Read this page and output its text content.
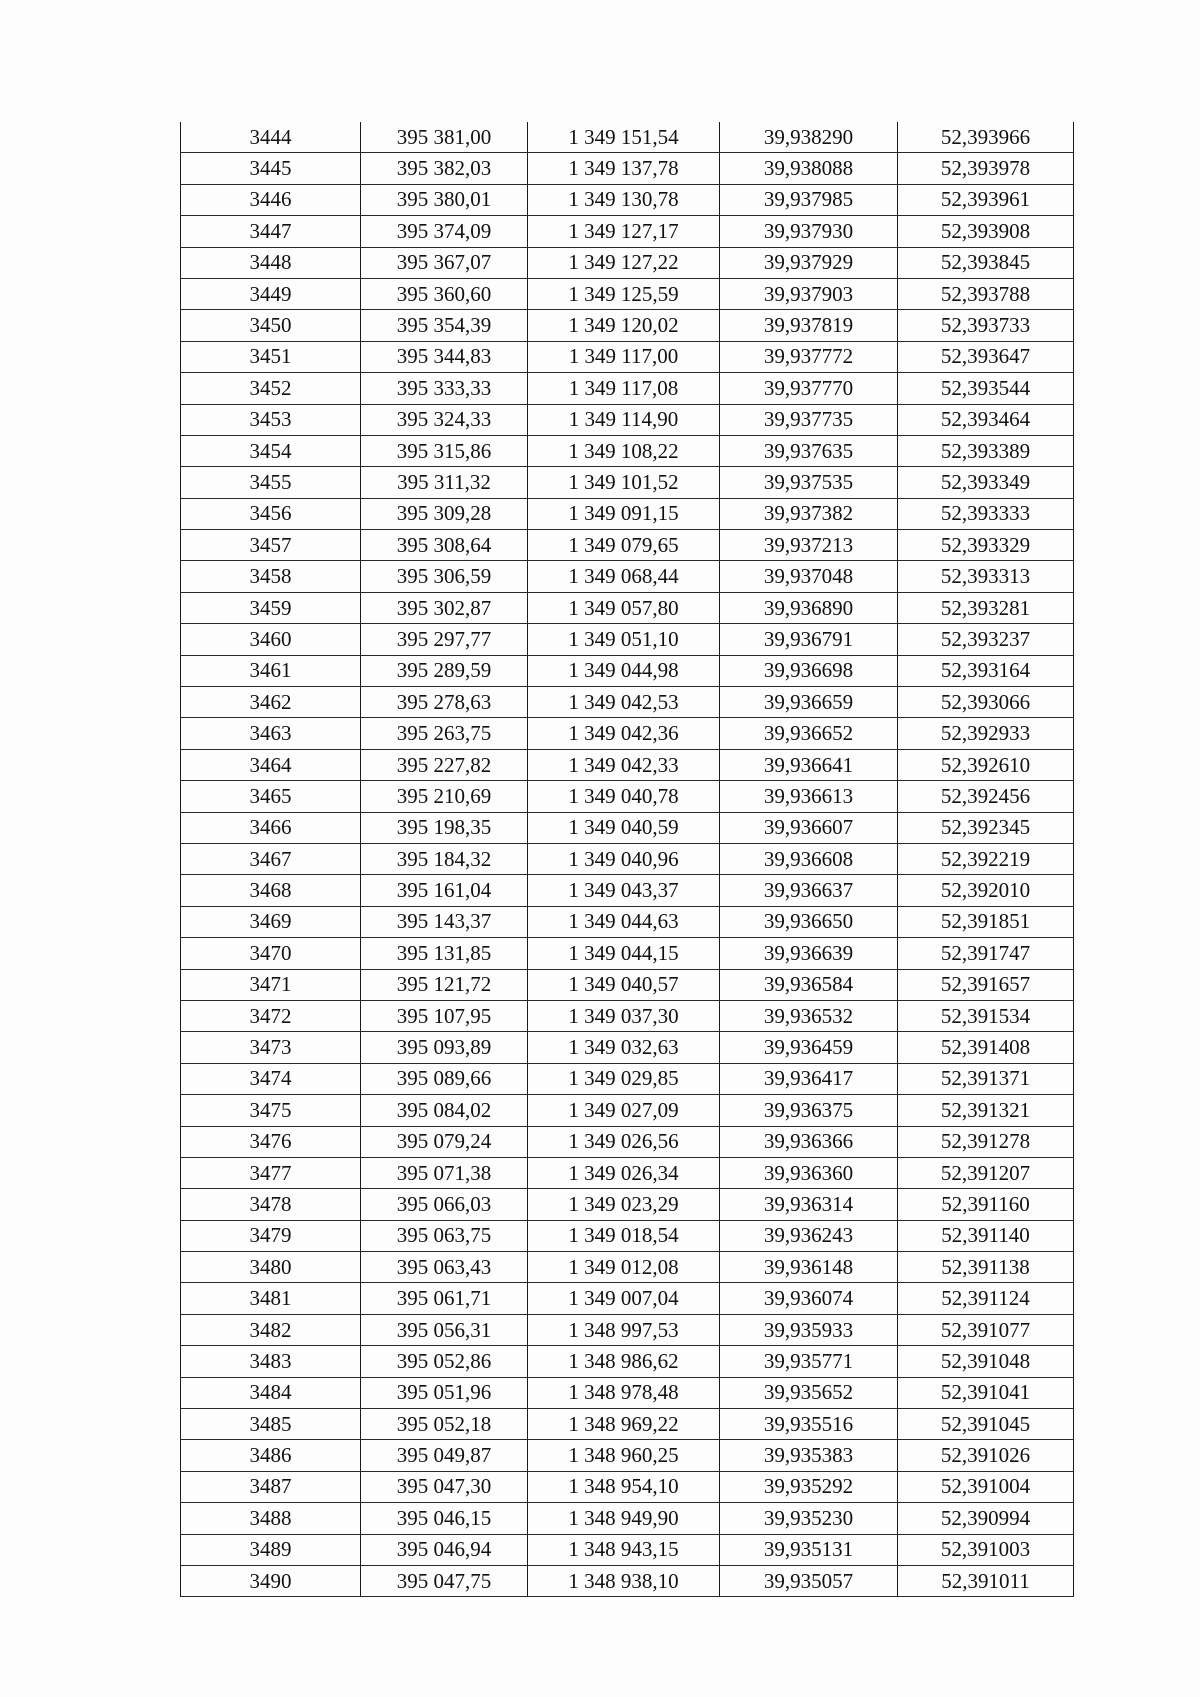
3444	395 381,00	1 349 151,54	39,938290	52,393966
3445	395 382,03	1 349 137,78	39,938088	52,393978
3446	395 380,01	1 349 130,78	39,937985	52,393961
3447	395 374,09	1 349 127,17	39,937930	52,393908
3448	395 367,07	1 349 127,22	39,937929	52,393845
3449	395 360,60	1 349 125,59	39,937903	52,393788
3450	395 354,39	1 349 120,02	39,937819	52,393733
3451	395 344,83	1 349 117,00	39,937772	52,393647
3452	395 333,33	1 349 117,08	39,937770	52,393544
3453	395 324,33	1 349 114,90	39,937735	52,393464
3454	395 315,86	1 349 108,22	39,937635	52,393389
3455	395 311,32	1 349 101,52	39,937535	52,393349
3456	395 309,28	1 349 091,15	39,937382	52,393333
3457	395 308,64	1 349 079,65	39,937213	52,393329
3458	395 306,59	1 349 068,44	39,937048	52,393313
3459	395 302,87	1 349 057,80	39,936890	52,393281
3460	395 297,77	1 349 051,10	39,936791	52,393237
3461	395 289,59	1 349 044,98	39,936698	52,393164
3462	395 278,63	1 349 042,53	39,936659	52,393066
3463	395 263,75	1 349 042,36	39,936652	52,392933
3464	395 227,82	1 349 042,33	39,936641	52,392610
3465	395 210,69	1 349 040,78	39,936613	52,392456
3466	395 198,35	1 349 040,59	39,936607	52,392345
3467	395 184,32	1 349 040,96	39,936608	52,392219
3468	395 161,04	1 349 043,37	39,936637	52,392010
3469	395 143,37	1 349 044,63	39,936650	52,391851
3470	395 131,85	1 349 044,15	39,936639	52,391747
3471	395 121,72	1 349 040,57	39,936584	52,391657
3472	395 107,95	1 349 037,30	39,936532	52,391534
3473	395 093,89	1 349 032,63	39,936459	52,391408
3474	395 089,66	1 349 029,85	39,936417	52,391371
3475	395 084,02	1 349 027,09	39,936375	52,391321
3476	395 079,24	1 349 026,56	39,936366	52,391278
3477	395 071,38	1 349 026,34	39,936360	52,391207
3478	395 066,03	1 349 023,29	39,936314	52,391160
3479	395 063,75	1 349 018,54	39,936243	52,391140
3480	395 063,43	1 349 012,08	39,936148	52,391138
3481	395 061,71	1 349 007,04	39,936074	52,391124
3482	395 056,31	1 348 997,53	39,935933	52,391077
3483	395 052,86	1 348 986,62	39,935771	52,391048
3484	395 051,96	1 348 978,48	39,935652	52,391041
3485	395 052,18	1 348 969,22	39,935516	52,391045
3486	395 049,87	1 348 960,25	39,935383	52,391026
3487	395 047,30	1 348 954,10	39,935292	52,391004
3488	395 046,15	1 348 949,90	39,935230	52,390994
3489	395 046,94	1 348 943,15	39,935131	52,391003
3490	395 047,75	1 348 938,10	39,935057	52,391011
